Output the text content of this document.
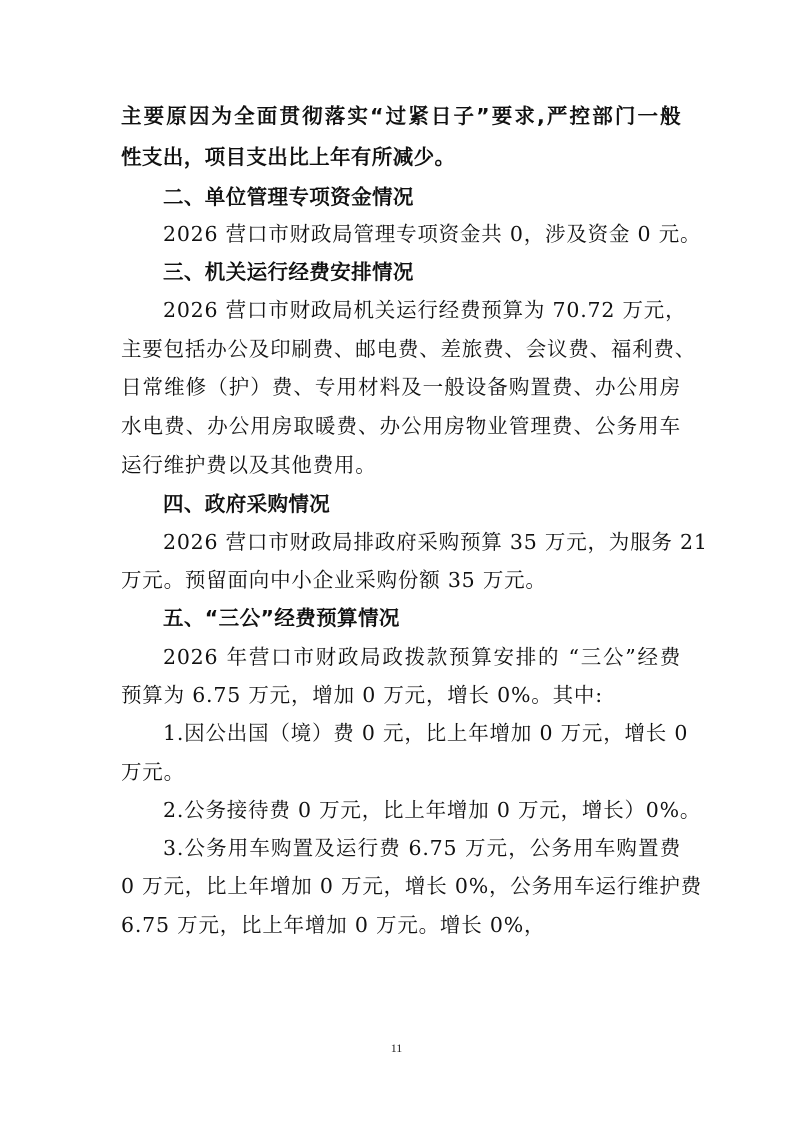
主要原因为全面贯彻落实“过紧日子”要求,严控部门一般
性支出，项目支出比上年有所减少。
二、单位管理专项资金情况
2026 营口市财政局管理专项资金共 0，涉及资金 0 元。
三、机关运行经费安排情况
2026 营口市财政局机关运行经费预算为 70.72 万元，
主要包括办公及印刷费、邮电费、差旅费、会议费、福利费、
日常维修（护）费、专用材料及一般设备购置费、办公用房
水电费、办公用房取暖费、办公用房物业管理费、公务用车
运行维护费以及其他费用。
四、政府采购情况
2026 营口市财政局排政府采购预算 35 万元，为服务 21
万元。预留面向中小企业采购份额 35 万元。
五、“三公”经费预算情况
2026 年营口市财政局政拨款预算安排的 “三公”经费
预算为 6.75 万元，增加 0 万元，增长 0%。其中:
1.因公出国（境）费 0 元，比上年增加 0 万元，增长 0
万元。
2.公务接待费 0 万元，比上年增加 0 万元，增长）0%。
3.公务用车购置及运行费 6.75 万元，公务用车购置费
0 万元，比上年增加 0 万元，增长 0%，公务用车运行维护费
6.75 万元，比上年增加 0 万元。增长 0%，
11
